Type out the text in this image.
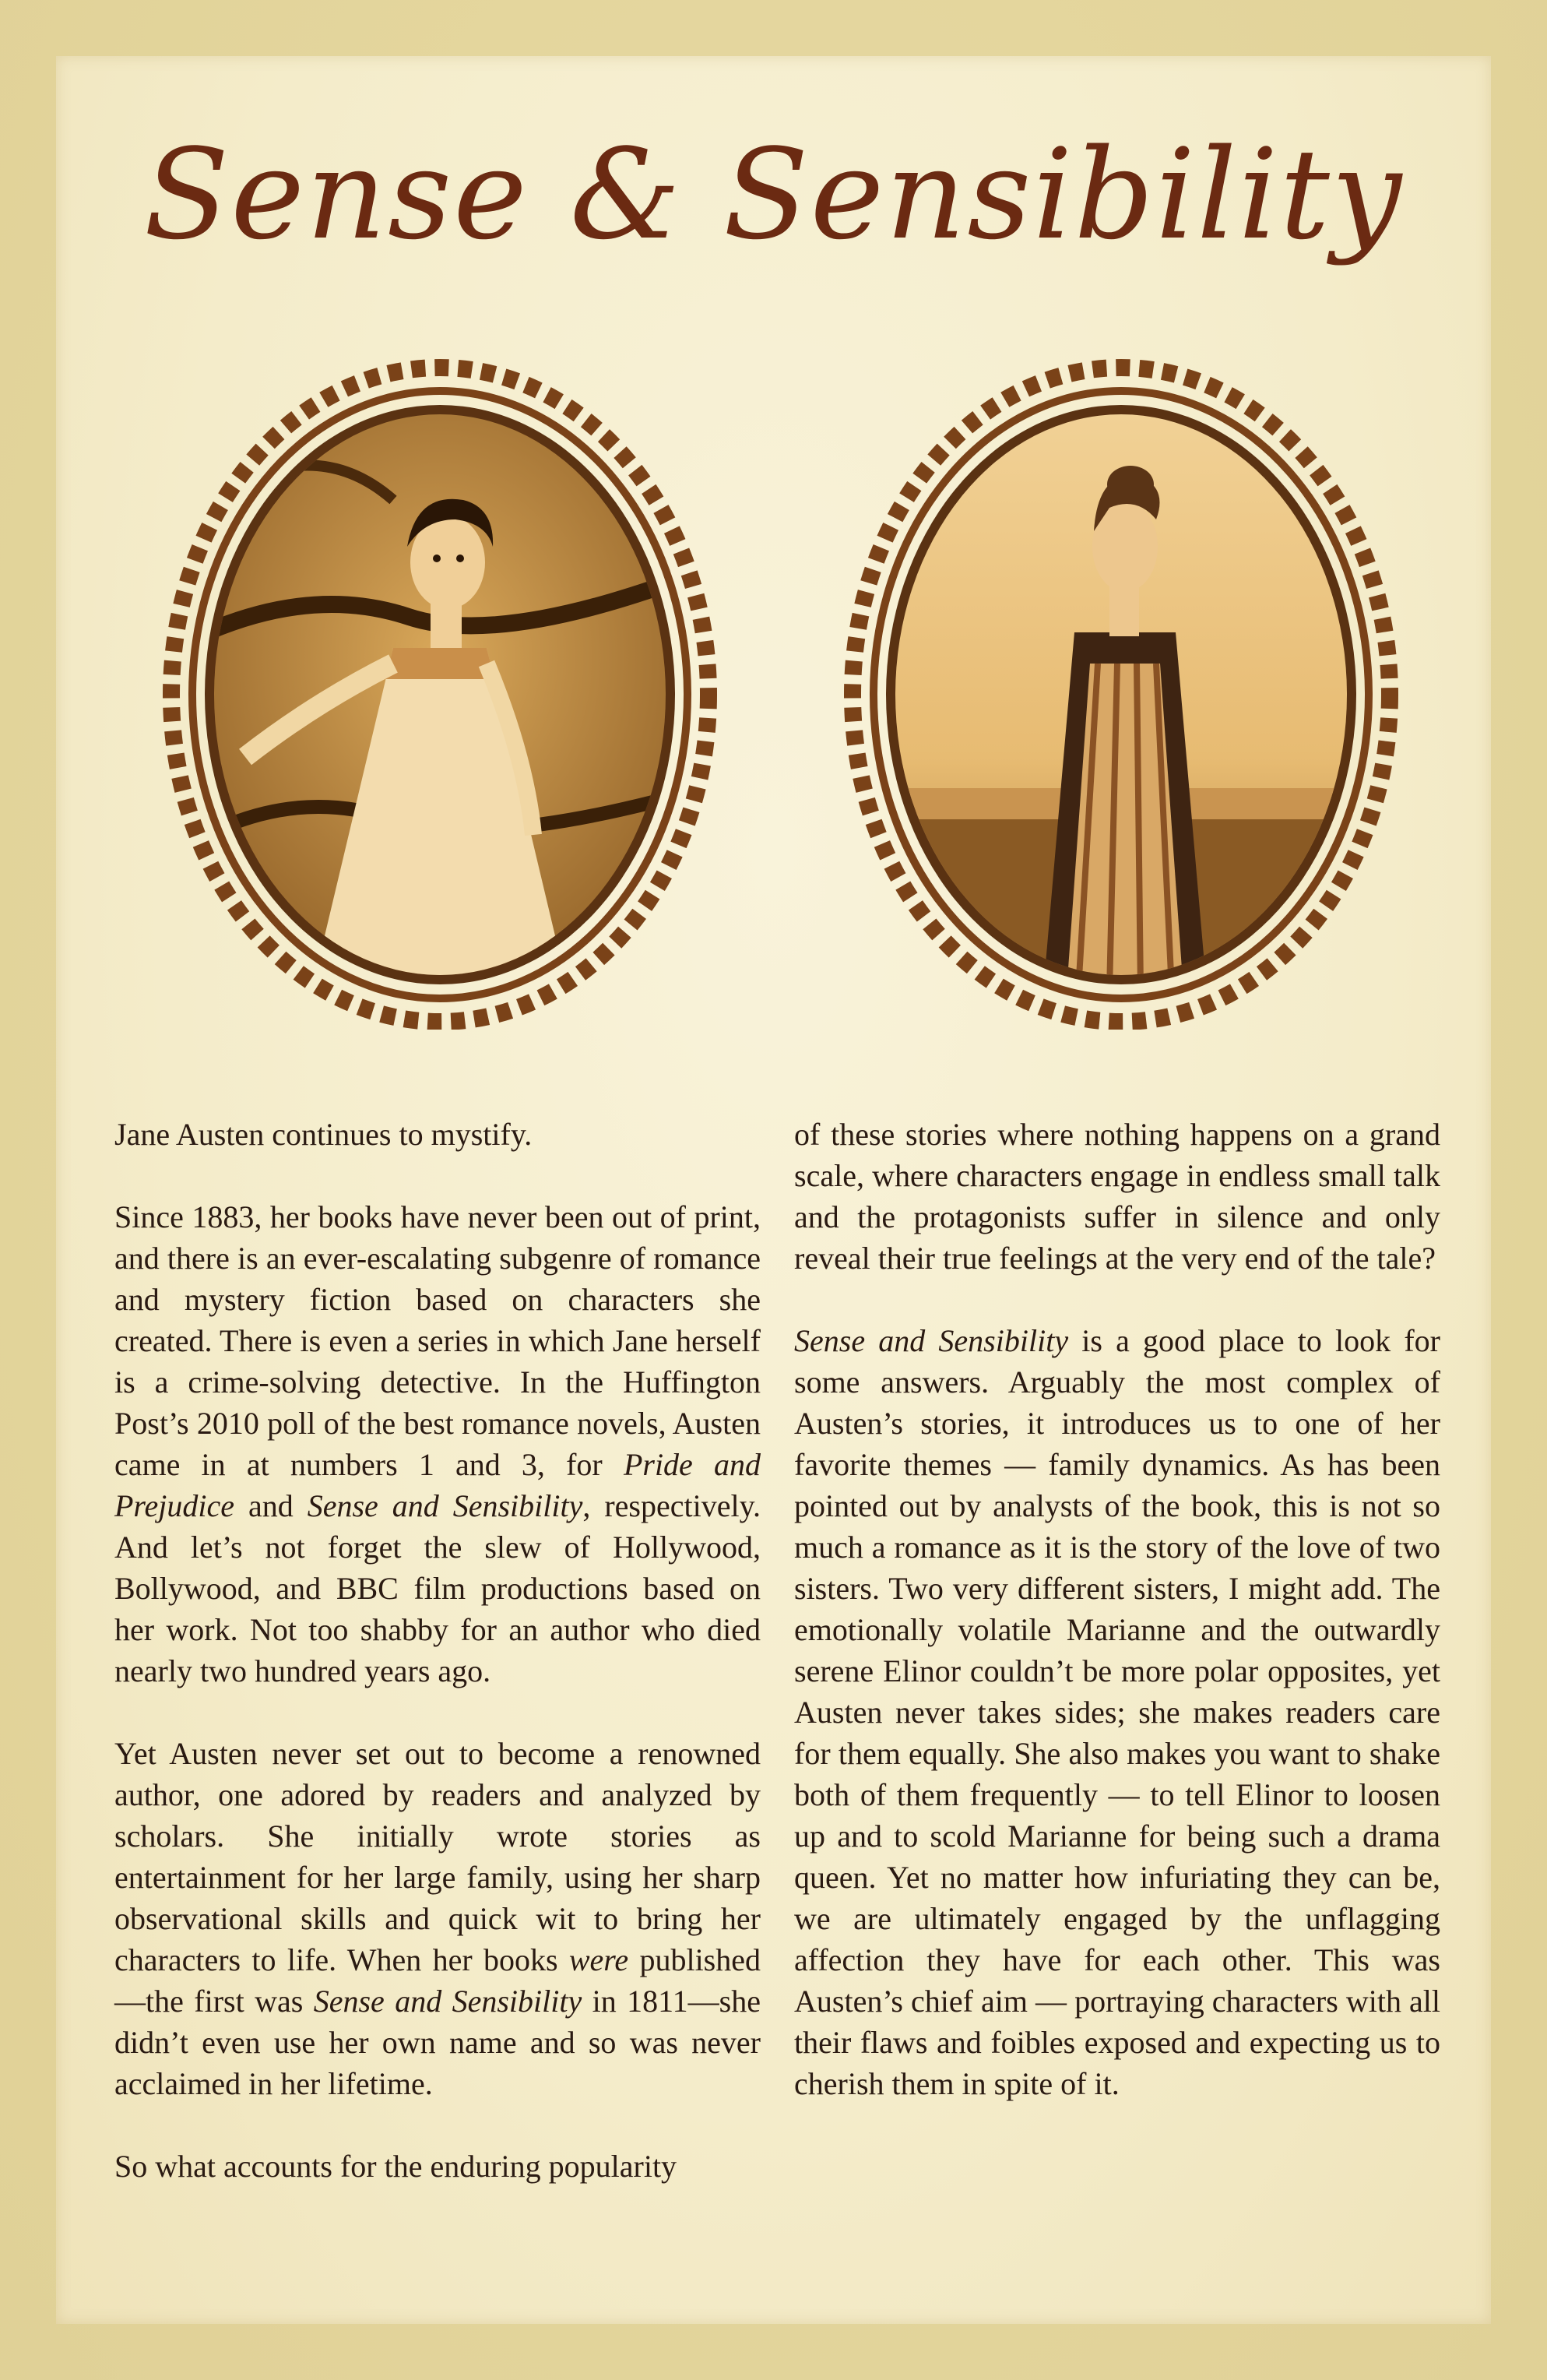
Sense & Sensibility

Jane Austen continues to mystify.

Since 1883, her books have never been out of print, and there is an ever-escalating subgenre of romance and mystery fiction based on characters she created. There is even a series in which Jane herself is a crime-solving detective. In the Huffington Post’s 2010 poll of the best romance novels, Austen came in at numbers 1 and 3, for Pride and Prejudice and Sense and Sensibility, respectively. And let’s not forget the slew of Hollywood, Bollywood, and BBC film productions based on her work. Not too shabby for an author who died nearly two hundred years ago.

Yet Austen never set out to become a renowned author, one adored by readers and analyzed by scholars. She initially wrote stories as entertainment for her large family, using her sharp observational skills and quick wit to bring her characters to life. When her books were published—the first was Sense and Sensibility in 1811—she didn’t even use her own name and so was never acclaimed in her lifetime.

So what accounts for the enduring popularity

of these stories where nothing happens on a grand scale, where characters engage in endless small talk and the protagonists suffer in silence and only reveal their true feelings at the very end of the tale?

Sense and Sensibility is a good place to look for some answers. Arguably the most complex of Austen’s stories, it introduces us to one of her favorite themes — family dynamics. As has been pointed out by analysts of the book, this is not so much a romance as it is the story of the love of two sisters. Two very different sisters, I might add. The emotionally volatile Marianne and the outwardly serene Elinor couldn’t be more polar opposites, yet Austen never takes sides; she makes readers care for them equally. She also makes you want to shake both of them frequently — to tell Elinor to loosen up and to scold Marianne for being such a drama queen. Yet no matter how infuriating they can be, we are ultimately engaged by the unflagging affection they have for each other. This was Austen’s chief aim — portraying characters with all their flaws and foibles exposed and expecting us to cherish them in spite of it.
